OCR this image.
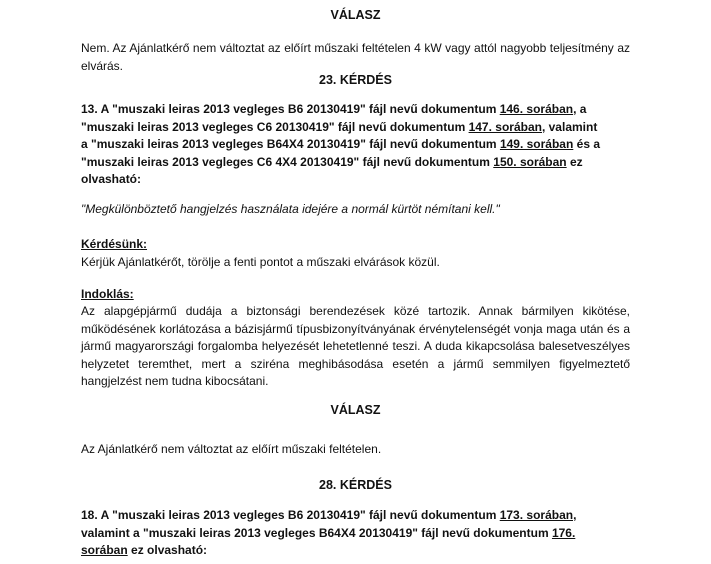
VÁLASZ
Nem. Az Ajánlatkérő nem változtat az előírt műszaki feltételen 4 kW vagy attól nagyobb teljesítmény az elvárás.
23. KÉRDÉS
13. A "muszaki leiras 2013 vegleges B6 20130419" fájl nevű dokumentum 146. sorában, a
"muszaki leiras 2013 vegleges C6 20130419" fájl nevű dokumentum 147. sorában, valamint
a "muszaki leiras 2013 vegleges B64X4 20130419" fájl nevű dokumentum 149. sorában és a
"muszaki leiras 2013 vegleges C6 4X4 20130419" fájl nevű dokumentum 150. sorában ez
olvasható:
"Megkülönböztető hangjelzés használata idejére a normál kürtöt némítani kell."
Kérdésünk:
Kérjük Ajánlatkérőt, törölje a fenti pontot a műszaki elvárások közül.
Indoklás:
Az alapgépjármű dudája a biztonsági berendezések közé tartozik. Annak bármilyen kikötése, működésének korlátozása a bázisjármű típusbizonyítványának érvénytelenségét vonja maga után és a jármű magyarországi forgalomba helyezését lehetetlenné teszi. A duda kikapcsolása balesetveszélyes helyzetet teremthet, mert a sziréna meghibásodása esetén a jármű semmilyen figyelmeztető hangjelzést nem tudna kibocsátani.
VÁLASZ
Az Ajánlatkérő nem változtat az előírt műszaki feltételen.
28. KÉRDÉS
18. A "muszaki leiras 2013 vegleges B6 20130419" fájl nevű dokumentum 173. sorában,
valamint a "muszaki leiras 2013 vegleges B64X4 20130419" fájl nevű dokumentum 176.
sorában ez olvasható:
